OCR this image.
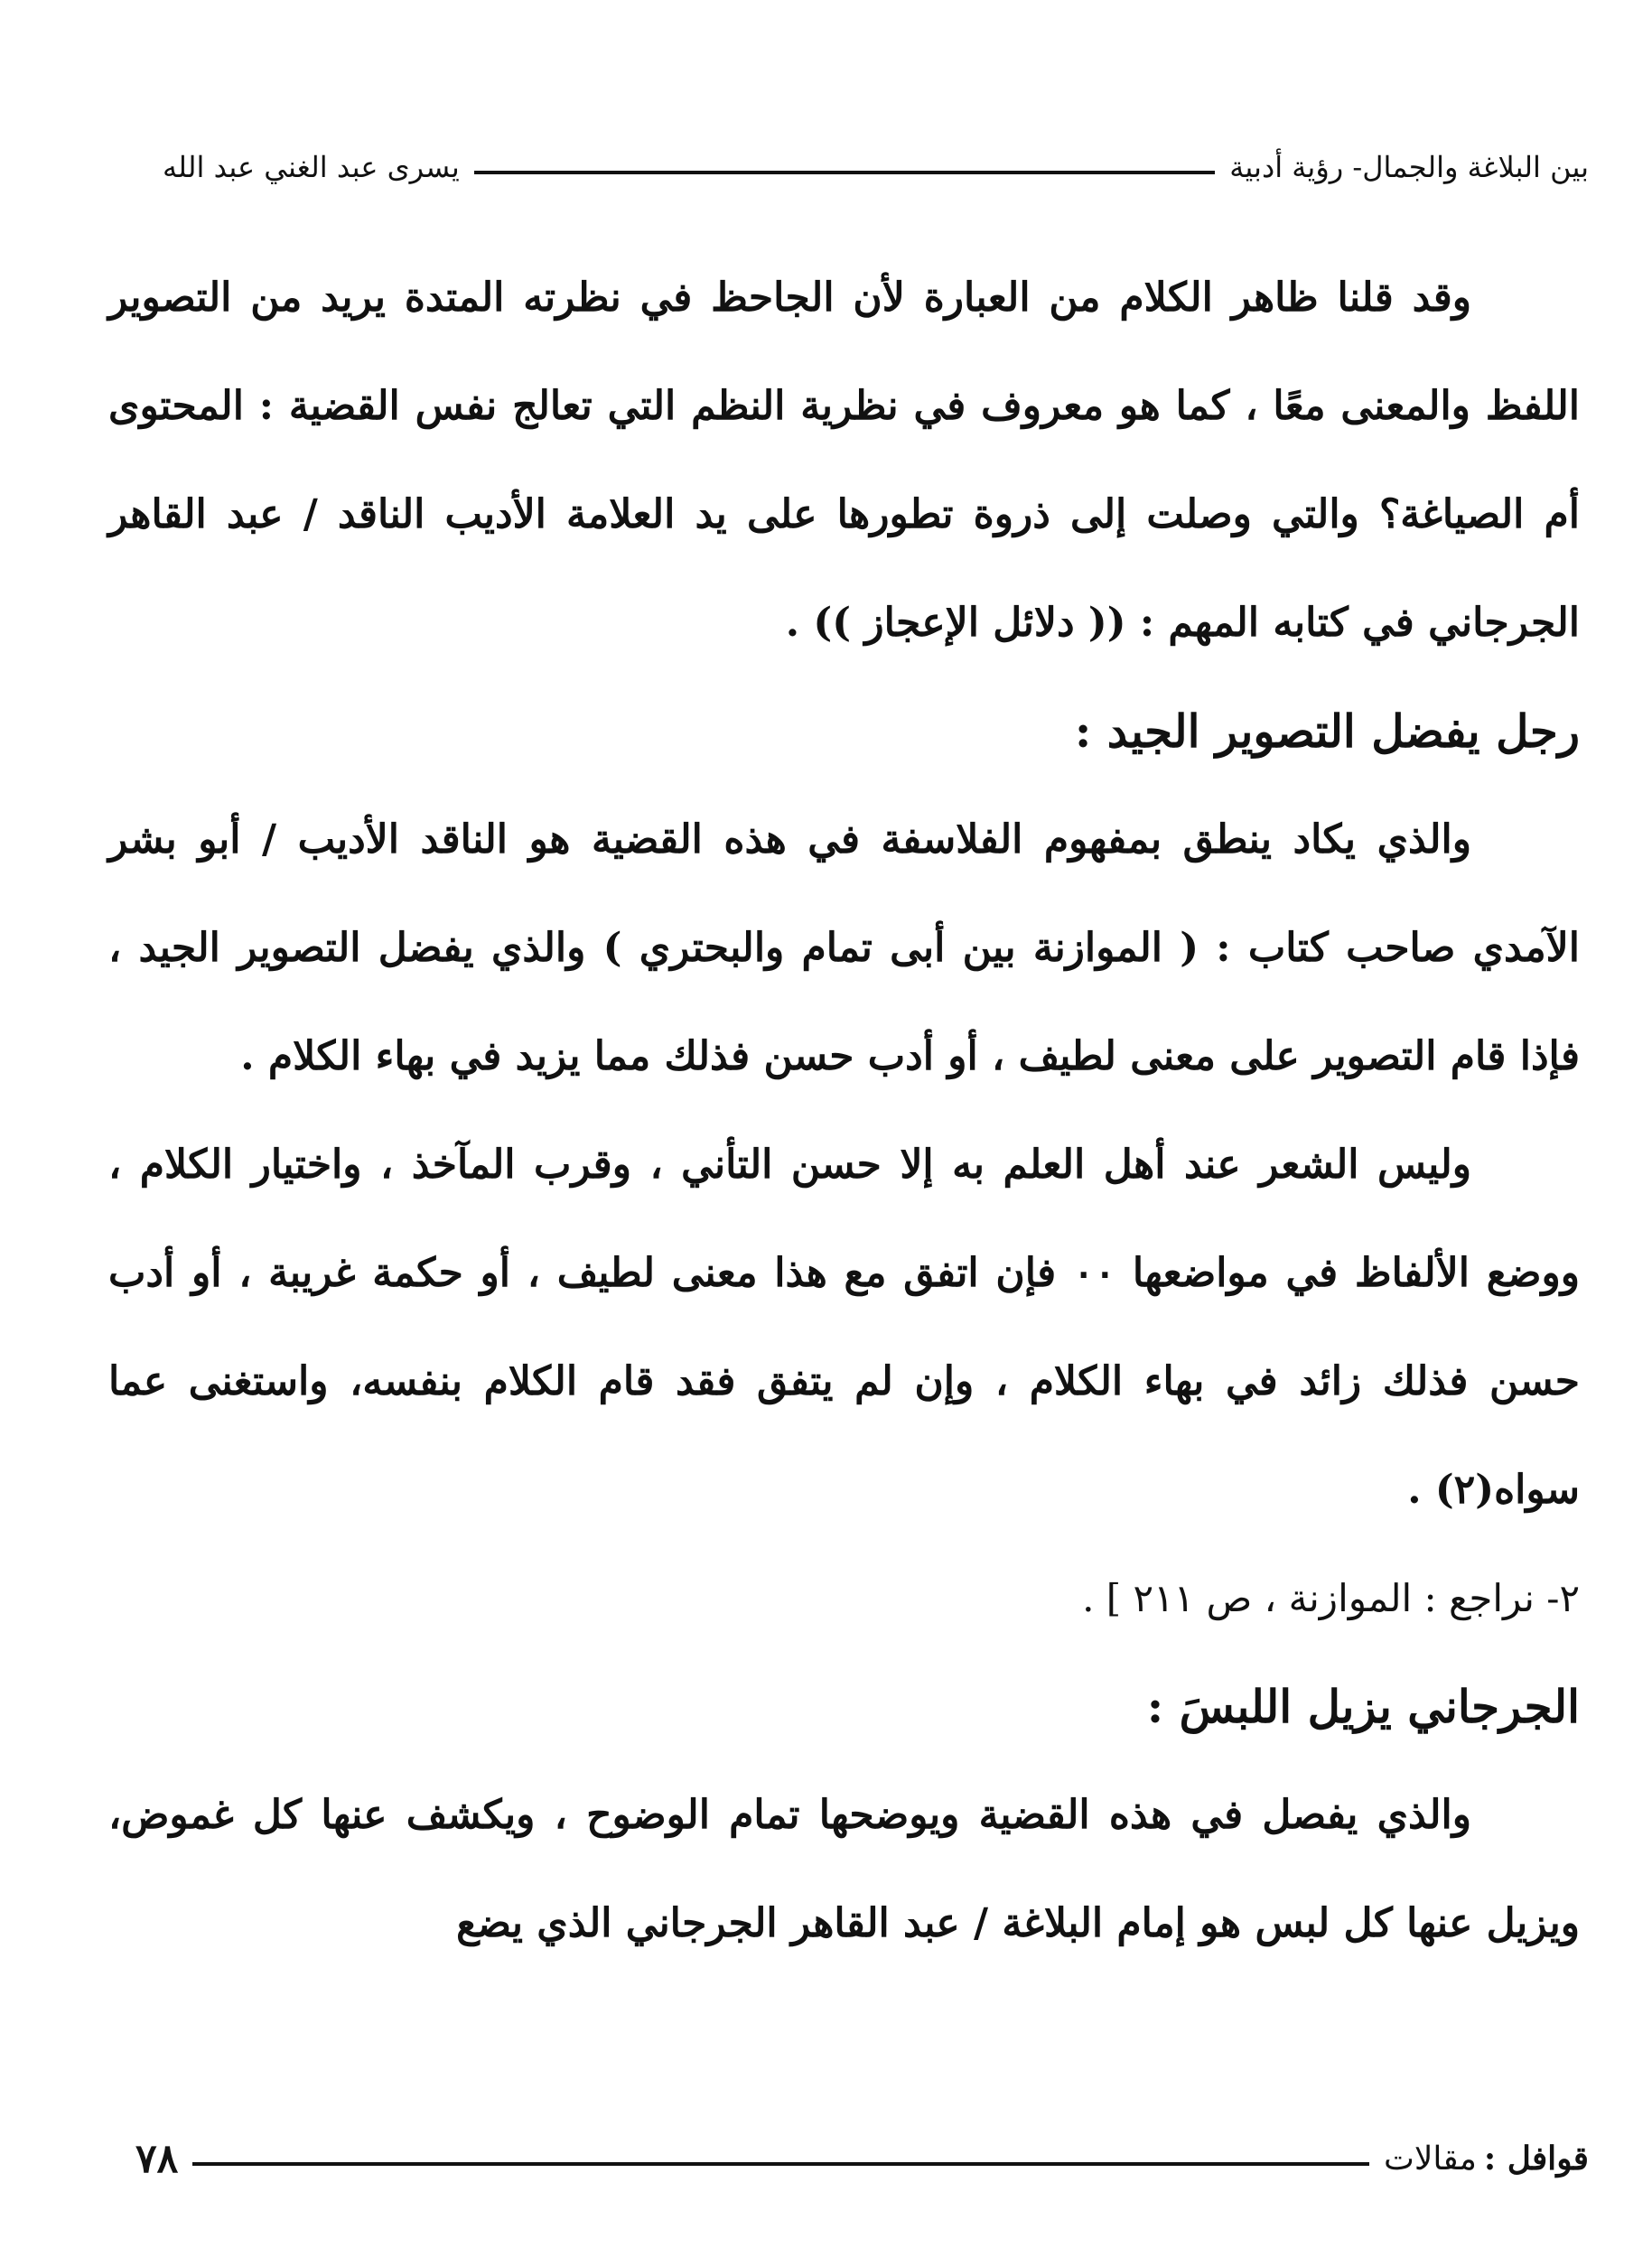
بين البلاغة والجمال- رؤية أدبية
يسرى عبد الغني عبد الله

وقد قلنا ظاهر الكلام من العبارة لأن الجاحظ في نظرته المتدة يريد من التصوير اللفظ والمعنى معًا ، كما هو معروف في نظرية النظم التي تعالج نفس القضية : المحتوى أم الصياغة؟ والتي وصلت إلى ذروة تطورها على يد العلامة الأديب الناقد / عبد القاهر الجرجاني في كتابه المهم : (( دلائل الإعجاز )) .

رجل يفضل التصوير الجيد :

والذي يكاد ينطق بمفهوم الفلاسفة في هذه القضية هو الناقد الأديب / أبو بشر الآمدي صاحب كتاب : ( الموازنة بين أبى تمام والبحتري ) والذي يفضل التصوير الجيد ، فإذا قام التصوير على معنى لطيف ، أو أدب حسن فذلك مما يزيد في بهاء الكلام .

وليس الشعر عند أهل العلم به إلا حسن التأني ، وقرب المآخذ ، واختيار الكلام ، ووضع الألفاظ في مواضعها ٠٠ فإن اتفق مع هذا معنى لطيف ، أو حكمة غريبة ، أو أدب حسن فذلك زائد في بهاء الكلام ، وإن لم يتفق فقد قام الكلام بنفسه، واستغنى عما سواه(٢) .

٢- نراجع : الموازنة ، ص ٢١١ ] .

الجرجاني يزيل اللبسَ :

والذي يفصل في هذه القضية ويوضحها تمام الوضوح ، ويكشف عنها كل غموض، ويزيل عنها كل لبس هو إمام البلاغة / عبد القاهر الجرجاني الذي يضع

قوافل :
مقالات
٧٨
